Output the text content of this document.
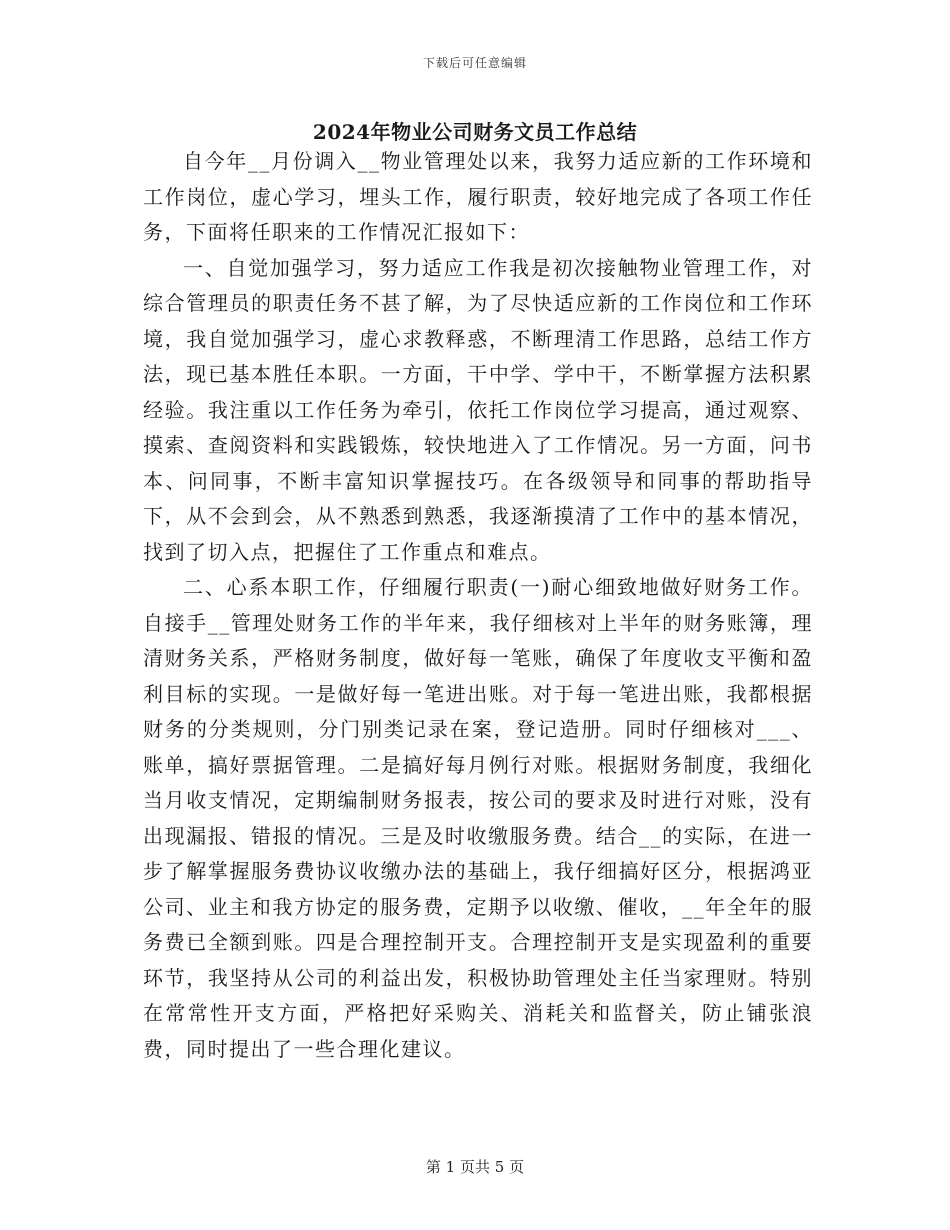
下载后可任意编辑
2024年物业公司财务文员工作总结

自今年__月份调入__物业管理处以来，我努力适应新的工作环境和工作岗位，虚心学习，埋头工作，履行职责，较好地完成了各项工作任务，下面将任职来的工作情况汇报如下：

一、自觉加强学习，努力适应工作我是初次接触物业管理工作，对综合管理员的职责任务不甚了解，为了尽快适应新的工作岗位和工作环境，我自觉加强学习，虚心求教释惑，不断理清工作思路，总结工作方法，现已基本胜任本职。一方面，干中学、学中干，不断掌握方法积累经验。我注重以工作任务为牵引，依托工作岗位学习提高，通过观察、摸索、查阅资料和实践锻炼，较快地进入了工作情况。另一方面，问书本、问同事，不断丰富知识掌握技巧。在各级领导和同事的帮助指导下，从不会到会，从不熟悉到熟悉，我逐渐摸清了工作中的基本情况，找到了切入点，把握住了工作重点和难点。

二、心系本职工作，仔细履行职责(一)耐心细致地做好财务工作。自接手__管理处财务工作的半年来，我仔细核对上半年的财务账簿，理清财务关系，严格财务制度，做好每一笔账，确保了年度收支平衡和盈利目标的实现。一是做好每一笔进出账。对于每一笔进出账，我都根据财务的分类规则，分门别类记录在案，登记造册。同时仔细核对___、账单，搞好票据管理。二是搞好每月例行对账。根据财务制度，我细化当月收支情况，定期编制财务报表，按公司的要求及时进行对账，没有出现漏报、错报的情况。三是及时收缴服务费。结合__的实际，在进一步了解掌握服务费协议收缴办法的基础上，我仔细搞好区分，根据鸿亚公司、业主和我方协定的服务费，定期予以收缴、催收，__年全年的服务费已全额到账。四是合理控制开支。合理控制开支是实现盈利的重要环节，我坚持从公司的利益出发，积极协助管理处主任当家理财。特别在常常性开支方面，严格把好采购关、消耗关和监督关，防止铺张浪费，同时提出了一些合理化建议。

第 1 页共 5 页
